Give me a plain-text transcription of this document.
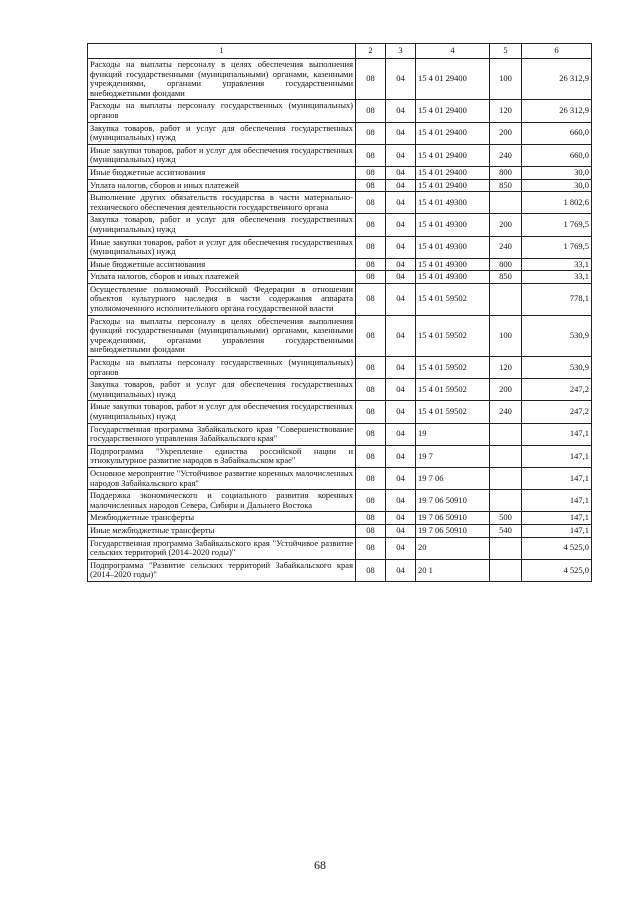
1	2	3	4	5	6
Расходы на выплаты персоналу в целях обеспечения выполнения функций государственными (муниципальными) органами, казенными учреждениями, органами управления государственными внебюджетными фондами	08	04	15 4 01 29400	100	26 312,9
Расходы на выплаты персоналу государственных (муниципальных) органов	08	04	15 4 01 29400	120	26 312,9
Закупка товаров, работ и услуг для обеспечения государственных (муниципальных) нужд	08	04	15 4 01 29400	200	660,0
Иные закупки товаров, работ и услуг для обеспечения государственных (муниципальных) нужд	08	04	15 4 01 29400	240	660,0
Иные бюджетные ассигнования	08	04	15 4 01 29400	800	30,0
Уплата налогов, сборов и иных платежей	08	04	15 4 01 29400	850	30,0
Выполнение других обязательств государства в части материально-технического обеспечения деятельности государственного органа	08	04	15 4 01 49300		1 802,6
Закупка товаров, работ и услуг для обеспечения государственных (муниципальных) нужд	08	04	15 4 01 49300	200	1 769,5
Иные закупки товаров, работ и услуг для обеспечения государственных (муниципальных) нужд	08	04	15 4 01 49300	240	1 769,5
Иные бюджетные ассигнования	08	04	15 4 01 49300	800	33,1
Уплата налогов, сборов и иных платежей	08	04	15 4 01 49300	850	33,1
Осуществление полномочий Российской Федерации в отношении объектов культурного наследия в части содержания аппарата уполномоченного исполнительного органа государственной власти	08	04	15 4 01 59502		778,1
Расходы на выплаты персоналу в целях обеспечения выполнения функций государственными (муниципальными) органами, казенными учреждениями, органами управления государственными внебюджетными фондами	08	04	15 4 01 59502	100	530,9
Расходы на выплаты персоналу государственных (муниципальных) органов	08	04	15 4 01 59502	120	530,9
Закупка товаров, работ и услуг для обеспечения государственных (муниципальных) нужд	08	04	15 4 01 59502	200	247,2
Иные закупки товаров, работ и услуг для обеспечения государственных (муниципальных) нужд	08	04	15 4 01 59502	240	247,2
Государственная программа Забайкальского края "Совершенствование государственного управления Забайкальского края"	08	04	19		147,1
Подпрограмма "Укрепление единства российской нации и этнокультурное развитие народов в Забайкальском крае"	08	04	19 7		147,1
Основное мероприятие "Устойчивое развитие коренных малочисленных народов Забайкальского края"	08	04	19 7 06		147,1
Поддержка экономического и социального развития коренных малочисленных народов Севера, Сибири и Дальнего Востока	08	04	19 7 06 50910		147,1
Межбюджетные трансферты	08	04	19 7 06 50910	500	147,1
Иные межбюджетные трансферты	08	04	19 7 06 50910	540	147,1
Государственная программа Забайкальского края "Устойчивое развитие сельских территорий (2014–2020 годы)"	08	04	20		4 525,0
Подпрограмма "Развитие сельских территорий Забайкальского края (2014–2020 годы)"	08	04	20 1		4 525,0
68
